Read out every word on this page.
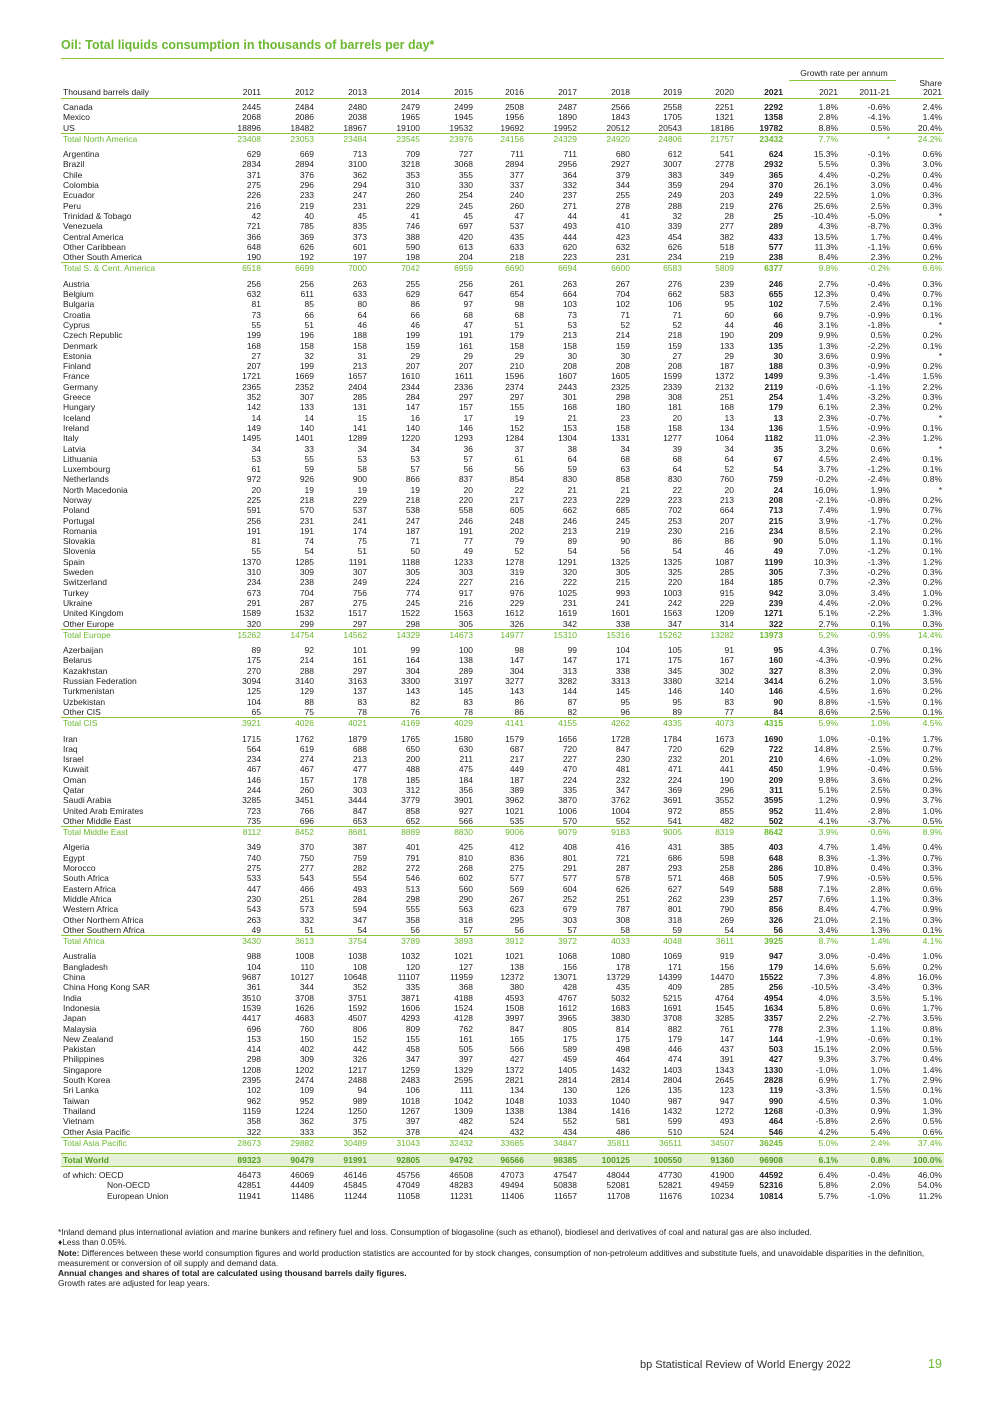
Oil: Total liquids consumption in thousands of barrels per day*
Growth rate per annum
Share
Thousand barrels daily	2011	2012	2013	2014	2015	2016	2017	2018	2019	2020	2021	2021	2011-21	2021
Canada	2445	2484	2480	2479	2499	2508	2487	2566	2558	2251	2292	1.8%	-0.6%	2.4%
Mexico	2068	2086	2038	1965	1945	1956	1890	1843	1705	1321	1358	2.8%	-4.1%	1.4%
US	18896	18482	18967	19100	19532	19692	19952	20512	20543	18186	19782	8.8%	0.5%	20.4%
Total North America	23408	23053	23484	23545	23976	24156	24329	24920	24806	21757	23432	7.7%	*	24.2%
Argentina	629	669	713	709	727	711	711	680	612	541	624	15.3%	-0.1%	0.6%
Brazil	2834	2894	3100	3218	3068	2894	2956	2927	3007	2778	2932	5.5%	0.3%	3.0%
Chile	371	376	362	353	355	377	364	379	383	349	365	4.4%	-0.2%	0.4%
Colombia	275	296	294	310	330	337	332	344	359	294	370	26.1%	3.0%	0.4%
Ecuador	226	233	247	260	254	240	237	255	249	203	249	22.5%	1.0%	0.3%
Peru	216	219	231	229	245	260	271	278	288	219	276	25.6%	2.5%	0.3%
Trinidad & Tobago	42	40	45	41	45	47	44	41	32	28	25	-10.4%	-5.0%	*
Venezuela	721	785	835	746	697	537	493	410	339	277	289	4.3%	-8.7%	0.3%
Central America	366	369	373	388	420	435	444	423	454	382	433	13.5%	1.7%	0.4%
Other Caribbean	648	626	601	590	613	633	620	632	626	518	577	11.3%	-1.1%	0.6%
Other South America	190	192	197	198	204	218	223	231	234	219	238	8.4%	2.3%	0.2%
Total S. & Cent. America	6518	6699	7000	7042	6959	6690	6694	6600	6583	5809	6377	9.8%	-0.2%	6.6%
Austria	256	256	263	255	256	261	263	267	276	239	246	2.7%	-0.4%	0.3%
Belgium	632	611	633	629	647	654	664	704	662	583	655	12.3%	0.4%	0.7%
Bulgaria	81	85	80	86	97	98	103	102	106	95	102	7.5%	2.4%	0.1%
Croatia	73	66	64	66	68	68	73	71	71	60	66	9.7%	-0.9%	0.1%
Cyprus	55	51	46	46	47	51	53	52	52	44	46	3.1%	-1.8%	*
Czech Republic	199	196	188	199	191	179	213	214	218	190	209	9.9%	0.5%	0.2%
Denmark	168	158	158	159	161	158	158	159	159	133	135	1.3%	-2.2%	0.1%
Estonia	27	32	31	29	29	29	30	30	27	29	30	3.6%	0.9%	*
Finland	207	199	213	207	207	210	208	208	208	187	188	0.3%	-0.9%	0.2%
France	1721	1669	1657	1610	1611	1596	1607	1605	1599	1372	1499	9.3%	-1.4%	1.5%
Germany	2365	2352	2404	2344	2336	2374	2443	2325	2339	2132	2119	-0.6%	-1.1%	2.2%
Greece	352	307	285	284	297	297	301	298	308	251	254	1.4%	-3.2%	0.3%
Hungary	142	133	131	147	157	155	168	180	181	168	179	6.1%	2.3%	0.2%
Iceland	14	14	15	16	17	19	21	23	20	13	13	2.3%	-0.7%	*
Ireland	149	140	141	140	146	152	153	158	158	134	136	1.5%	-0.9%	0.1%
Italy	1495	1401	1289	1220	1293	1284	1304	1331	1277	1064	1182	11.0%	-2.3%	1.2%
Latvia	34	33	34	34	36	37	38	34	39	34	35	3.2%	0.6%	*
Lithuania	53	55	53	53	57	61	64	68	68	64	67	4.5%	2.4%	0.1%
Luxembourg	61	59	58	57	56	56	59	63	64	52	54	3.7%	-1.2%	0.1%
Netherlands	972	926	900	866	837	854	830	858	830	760	759	-0.2%	-2.4%	0.8%
North Macedonia	20	19	19	19	20	22	21	21	22	20	24	16.0%	1.9%	*
Norway	225	218	229	218	220	217	223	229	223	213	208	-2.1%	-0.8%	0.2%
Poland	591	570	537	538	558	605	662	685	702	664	713	7.4%	1.9%	0.7%
Portugal	256	231	241	247	246	248	246	245	253	207	215	3.9%	-1.7%	0.2%
Romania	191	191	174	187	191	202	213	219	230	216	234	8.5%	2.1%	0.2%
Slovakia	81	74	75	71	77	79	89	90	86	86	90	5.0%	1.1%	0.1%
Slovenia	55	54	51	50	49	52	54	56	54	46	49	7.0%	-1.2%	0.1%
Spain	1370	1285	1191	1188	1233	1278	1291	1325	1325	1087	1199	10.3%	-1.3%	1.2%
Sweden	310	309	307	305	303	319	320	305	325	285	305	7.3%	-0.2%	0.3%
Switzerland	234	238	249	224	227	216	222	215	220	184	185	0.7%	-2.3%	0.2%
Turkey	673	704	756	774	917	976	1025	993	1003	915	942	3.0%	3.4%	1.0%
Ukraine	291	287	275	245	216	229	231	241	242	229	239	4.4%	-2.0%	0.2%
United Kingdom	1589	1532	1517	1522	1563	1612	1619	1601	1563	1209	1271	5.1%	-2.2%	1.3%
Other Europe	320	299	297	298	305	326	342	338	347	314	322	2.7%	0.1%	0.3%
Total Europe	15262	14754	14562	14329	14673	14977	15310	15316	15262	13282	13973	5.2%	-0.9%	14.4%
Azerbaijan	89	92	101	99	100	98	99	104	105	91	95	4.3%	0.7%	0.1%
Belarus	175	214	161	164	138	147	147	171	175	167	160	-4.3%	-0.9%	0.2%
Kazakhstan	270	288	297	304	289	304	313	338	345	302	327	8.3%	2.0%	0.3%
Russian Federation	3094	3140	3163	3300	3197	3277	3282	3313	3380	3214	3414	6.2%	1.0%	3.5%
Turkmenistan	125	129	137	143	145	143	144	145	146	140	146	4.5%	1.6%	0.2%
Uzbekistan	104	88	83	82	83	86	87	95	95	83	90	8.8%	-1.5%	0.1%
Other CIS	65	75	78	76	78	86	82	96	89	77	84	8.6%	2.5%	0.1%
Total CIS	3921	4026	4021	4169	4029	4141	4155	4262	4335	4073	4315	5.9%	1.0%	4.5%
Iran	1715	1762	1879	1765	1580	1579	1656	1728	1784	1673	1690	1.0%	-0.1%	1.7%
Iraq	564	619	688	650	630	687	720	847	720	629	722	14.8%	2.5%	0.7%
Israel	234	274	213	200	211	217	227	230	232	201	210	4.6%	-1.0%	0.2%
Kuwait	467	467	477	488	475	449	470	481	471	441	450	1.9%	-0.4%	0.5%
Oman	146	157	178	185	184	187	224	232	224	190	209	9.8%	3.6%	0.2%
Qatar	244	260	303	312	356	389	335	347	369	296	311	5.1%	2.5%	0.3%
Saudi Arabia	3285	3451	3444	3779	3901	3962	3870	3762	3691	3552	3595	1.2%	0.9%	3.7%
United Arab Emirates	723	766	847	858	927	1021	1006	1004	972	855	952	11.4%	2.8%	1.0%
Other Middle East	735	696	653	652	566	535	570	552	541	482	502	4.1%	-3.7%	0.5%
Total Middle East	8112	8452	8681	8889	8830	9006	9079	9183	9005	8319	8642	3.9%	0.6%	8.9%
Algeria	349	370	387	401	425	412	408	416	431	385	403	4.7%	1.4%	0.4%
Egypt	740	750	759	791	810	836	801	721	686	598	648	8.3%	-1.3%	0.7%
Morocco	275	277	282	272	268	275	291	287	293	258	286	10.8%	0.4%	0.3%
South Africa	533	543	554	546	602	577	577	578	571	468	505	7.9%	-0.5%	0.5%
Eastern Africa	447	466	493	513	560	569	604	626	627	549	588	7.1%	2.8%	0.6%
Middle Africa	230	251	284	298	290	267	252	251	262	239	257	7.6%	1.1%	0.3%
Western Africa	543	573	594	555	563	623	679	787	801	790	856	8.4%	4.7%	0.9%
Other Northern Africa	263	332	347	358	318	295	303	308	318	269	326	21.0%	2.1%	0.3%
Other Southern Africa	49	51	54	56	57	56	57	58	59	54	56	3.4%	1.3%	0.1%
Total Africa	3430	3613	3754	3789	3893	3912	3972	4033	4048	3611	3925	8.7%	1.4%	4.1%
Australia	988	1008	1038	1032	1021	1021	1068	1080	1069	919	947	3.0%	-0.4%	1.0%
Bangladesh	104	110	108	120	127	138	156	178	171	156	179	14.6%	5.6%	0.2%
China	9687	10127	10648	11107	11959	12372	13071	13729	14399	14470	15522	7.3%	4.8%	16.0%
China Hong Kong SAR	361	344	352	335	368	380	428	435	409	285	256	-10.5%	-3.4%	0.3%
India	3510	3708	3751	3871	4188	4593	4767	5032	5215	4764	4954	4.0%	3.5%	5.1%
Indonesia	1539	1626	1592	1606	1524	1508	1612	1683	1691	1545	1634	5.8%	0.6%	1.7%
Japan	4417	4683	4507	4293	4128	3997	3965	3830	3708	3285	3357	2.2%	-2.7%	3.5%
Malaysia	696	760	806	809	762	847	805	814	882	761	778	2.3%	1.1%	0.8%
New Zealand	153	150	152	155	161	165	175	175	179	147	144	-1.9%	-0.6%	0.1%
Pakistan	414	402	442	458	505	566	589	498	446	437	503	15.1%	2.0%	0.5%
Philippines	298	309	326	347	397	427	459	464	474	391	427	9.3%	3.7%	0.4%
Singapore	1208	1202	1217	1259	1329	1372	1405	1432	1403	1343	1330	-1.0%	1.0%	1.4%
South Korea	2395	2474	2488	2483	2595	2821	2814	2814	2804	2645	2828	6.9%	1.7%	2.9%
Sri Lanka	102	109	94	106	111	134	130	126	135	123	119	-3.3%	1.5%	0.1%
Taiwan	962	952	989	1018	1042	1048	1033	1040	987	947	990	4.5%	0.3%	1.0%
Thailand	1159	1224	1250	1267	1309	1338	1384	1416	1432	1272	1268	-0.3%	0.9%	1.3%
Vietnam	358	362	375	397	482	524	552	581	599	493	464	-5.8%	2.6%	0.5%
Other Asia Pacific	322	333	352	378	424	432	434	486	510	524	546	4.2%	5.4%	0.6%
Total Asia Pacific	28673	29882	30489	31043	32432	33685	34847	35811	36511	34507	36245	5.0%	2.4%	37.4%
Total World	89323	90479	91991	92805	94792	96566	98385	100125	100550	91360	96908	6.1%	0.8%	100.0%
of which: OECD	46473	46069	46146	45756	46508	47073	47547	48044	47730	41900	44592	6.4%	-0.4%	46.0%
Non-OECD	42851	44409	45845	47049	48283	49494	50838	52081	52821	49459	52316	5.8%	2.0%	54.0%
European Union	11941	11486	11244	11058	11231	11406	11657	11708	11676	10234	10814	5.7%	-1.0%	11.2%

*Inland demand plus international aviation and marine bunkers and refinery fuel and loss. Consumption of biogasoline (such as ethanol), biodiesel and derivatives of coal and natural gas are also included.

♦Less than 0.05%.

Note: Differences between these world consumption figures and world production statistics are accounted for by stock changes, consumption of non-petroleum additives and substitute fuels, and unavoidable disparities in the definition, measurement or conversion of oil supply and demand data.

Annual changes and shares of total are calculated using thousand barrels daily figures.

Growth rates are adjusted for leap years.

bp Statistical Review of World Energy 2022	19
